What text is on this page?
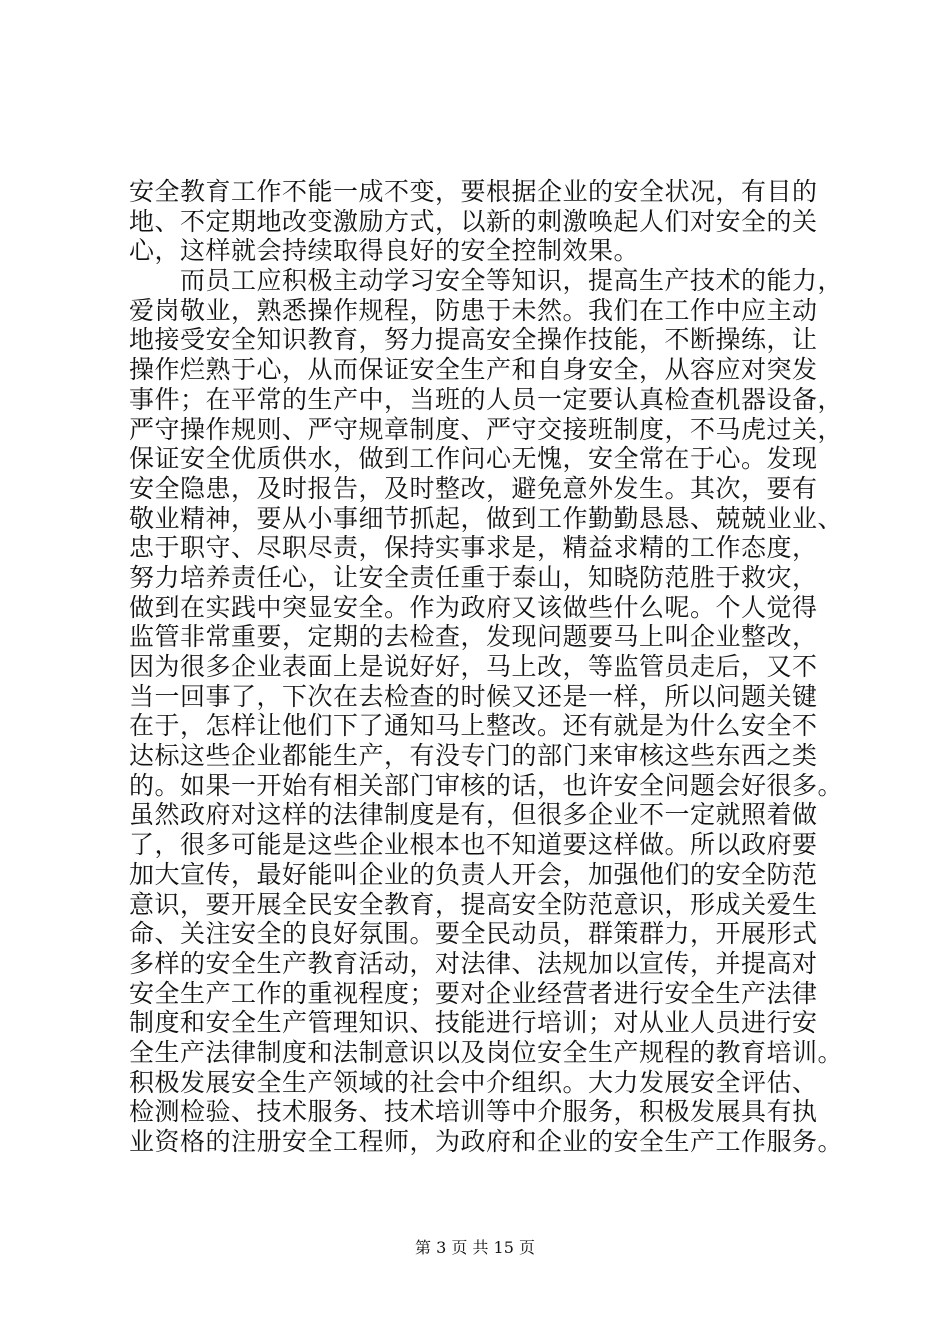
安全教育工作不能一成不变，要根据企业的安全状况，有目的
地、不定期地改变激励方式，以新的刺激唤起人们对安全的关
心，这样就会持续取得良好的安全控制效果。
　　而员工应积极主动学习安全等知识，提高生产技术的能力，
爱岗敬业，熟悉操作规程，防患于未然。我们在工作中应主动
地接受安全知识教育，努力提高安全操作技能，不断操练，让
操作烂熟于心，从而保证安全生产和自身安全，从容应对突发
事件；在平常的生产中，当班的人员一定要认真检查机器设备，
严守操作规则、严守规章制度、严守交接班制度，不马虎过关，
保证安全优质供水，做到工作问心无愧，安全常在于心。发现
安全隐患，及时报告，及时整改，避免意外发生。其次，要有
敬业精神，要从小事细节抓起，做到工作勤勤恳恳、兢兢业业、
忠于职守、尽职尽责，保持实事求是，精益求精的工作态度，
努力培养责任心，让安全责任重于泰山，知晓防范胜于救灾，
做到在实践中突显安全。作为政府又该做些什么呢。个人觉得
监管非常重要，定期的去检查，发现问题要马上叫企业整改，
因为很多企业表面上是说好好，马上改，等监管员走后，又不
当一回事了，下次在去检查的时候又还是一样，所以问题关键
在于，怎样让他们下了通知马上整改。还有就是为什么安全不
达标这些企业都能生产，有没专门的部门来审核这些东西之类
的。如果一开始有相关部门审核的话，也许安全问题会好很多。
虽然政府对这样的法律制度是有，但很多企业不一定就照着做
了，很多可能是这些企业根本也不知道要这样做。所以政府要
加大宣传，最好能叫企业的负责人开会，加强他们的安全防范
意识，要开展全民安全教育，提高安全防范意识，形成关爱生
命、关注安全的良好氛围。要全民动员，群策群力，开展形式
多样的安全生产教育活动，对法律、法规加以宣传，并提高对
安全生产工作的重视程度；要对企业经营者进行安全生产法律
制度和安全生产管理知识、技能进行培训；对从业人员进行安
全生产法律制度和法制意识以及岗位安全生产规程的教育培训。
积极发展安全生产领域的社会中介组织。大力发展安全评估、
检测检验、技术服务、技术培训等中介服务，积极发展具有执
业资格的注册安全工程师，为政府和企业的安全生产工作服务。
第 3 页 共 15 页
